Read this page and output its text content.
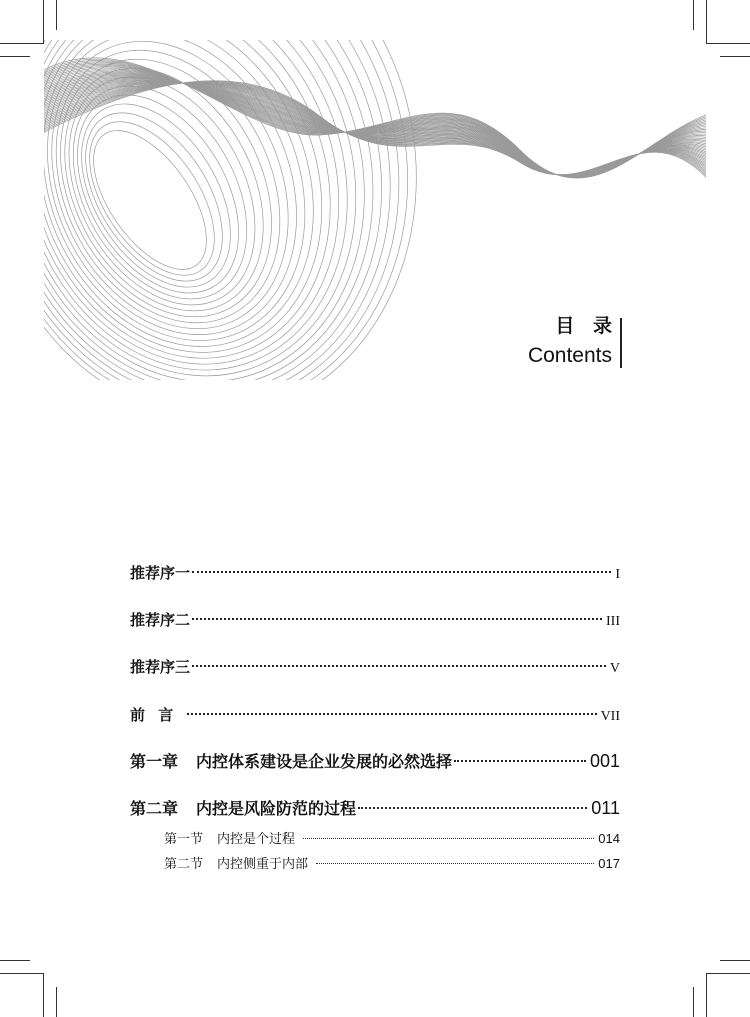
目 录
Contents
推荐序一	I
推荐序二	III
推荐序三	V
前 言	VII
第一章 内控体系建设是企业发展的必然选择	001
第二章 内控是风险防范的过程	011
第一节 内控是个过程	014
第二节 内控侧重于内部	017
